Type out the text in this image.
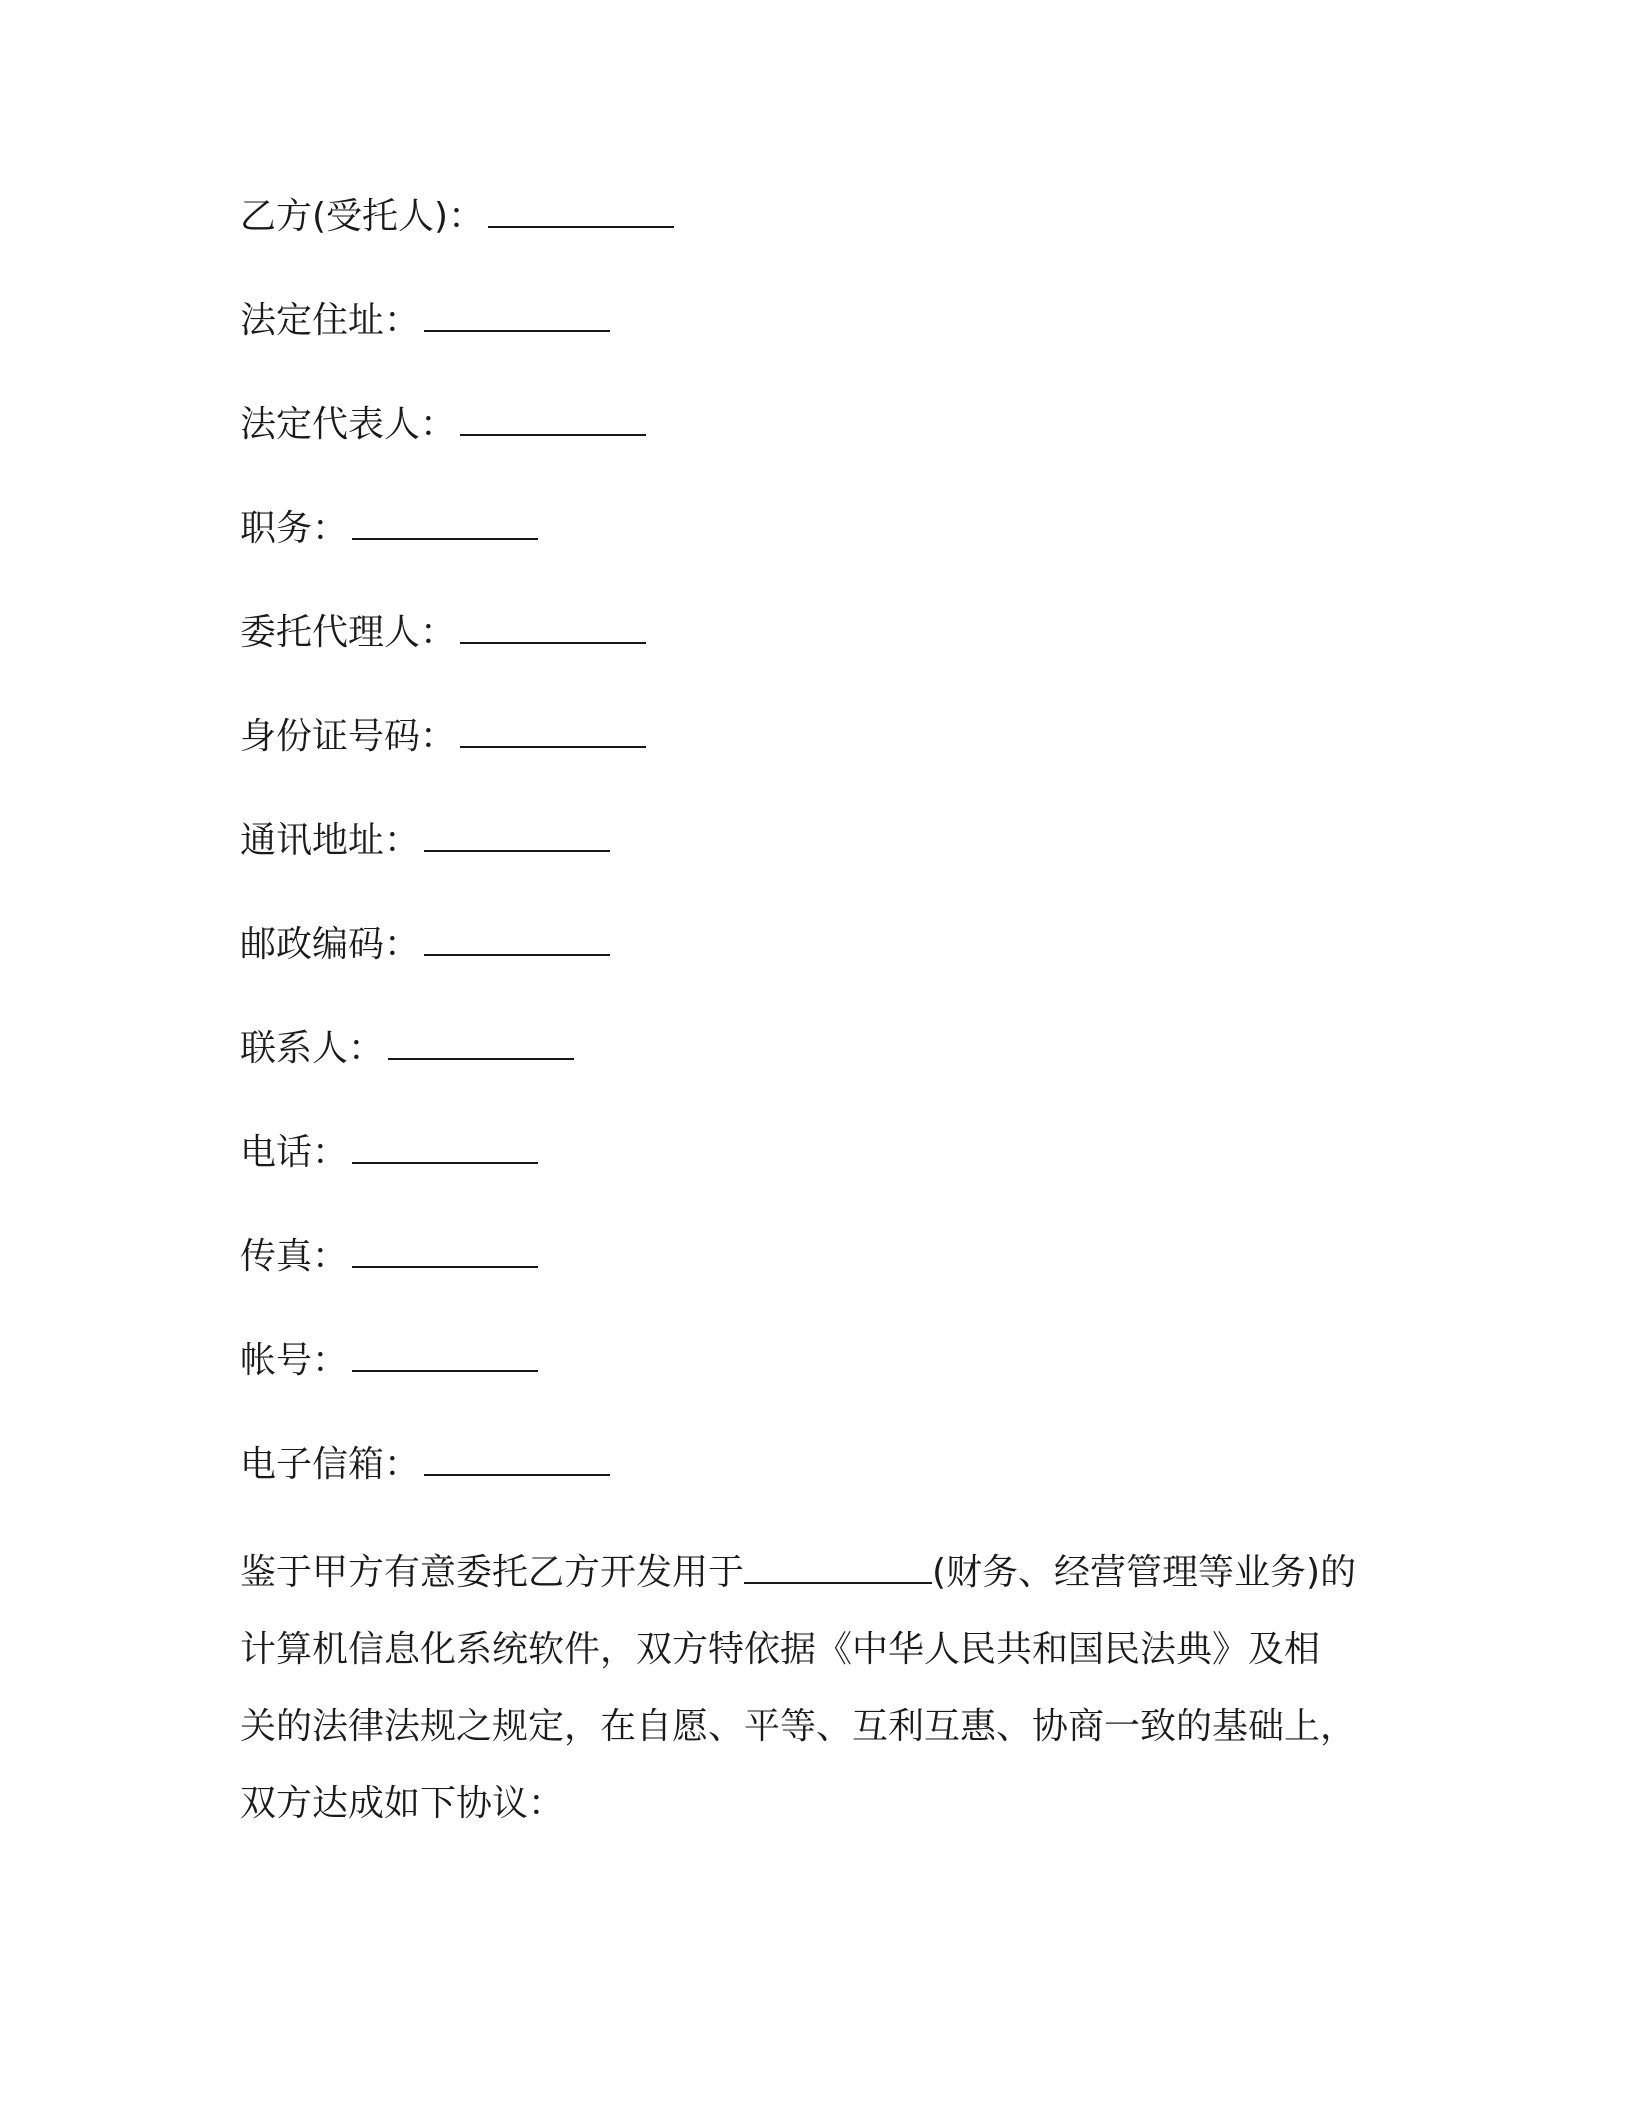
乙方(受托人)：
法定住址：
法定代表人：
职务：
委托代理人：
身份证号码：
通讯地址：
邮政编码：
联系人：
电话：
传真：
帐号：
电子信箱：
鉴于甲方有意委托乙方开发用于	(财务、经营管理等业务)的
计算机信息化系统软件，双方特依据《中华人民共和国民法典》及相
关的法律法规之规定，在自愿、平等、互利互惠、协商一致的基础上，
双方达成如下协议：
